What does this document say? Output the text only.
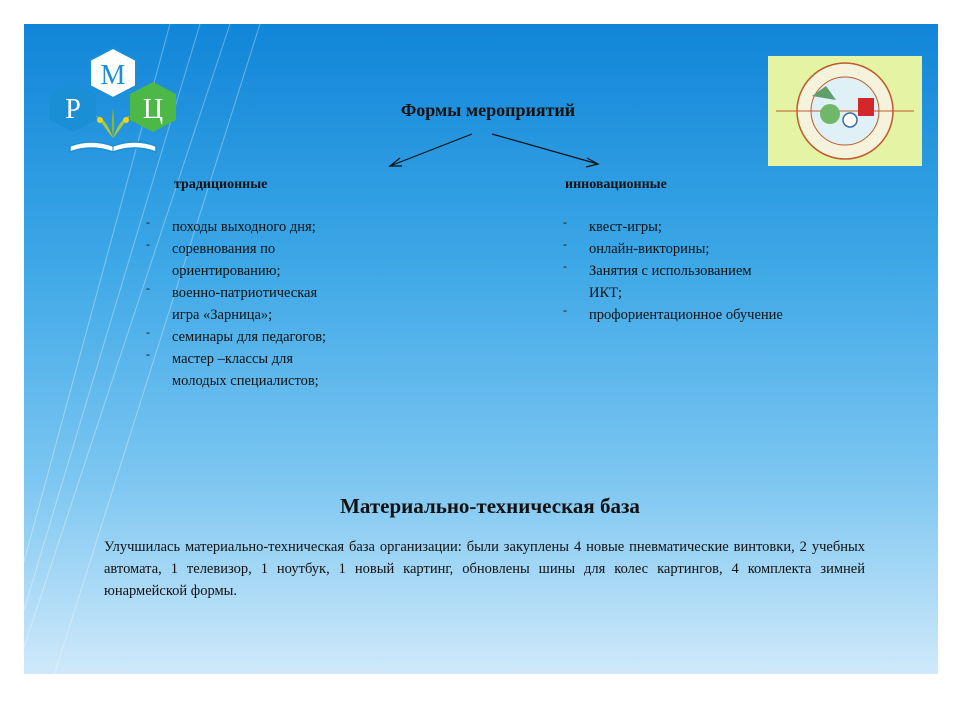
М
Р Ц	Формы мероприятий
традиционные
- походы выходного дня;
- соревнования по ориентированию;
- военно-патриотическая игра «Зарница»;
- семинары для педагогов;
- мастер –классы для молодых специалистов;
инновационные
- квест-игры;
- онлайн-викторины;
- Занятия с использованием ИКТ;
- профориентационное обучение
Материально-техническая база
Улучшилась материально-техническая база организации: были закуплены 4 новые пневматические винтовки, 2 учебных автомата, 1 телевизор, 1 ноутбук, 1 новый картинг, обновлены шины для колес картингов, 4 комплекта зимней юнармейской формы.
